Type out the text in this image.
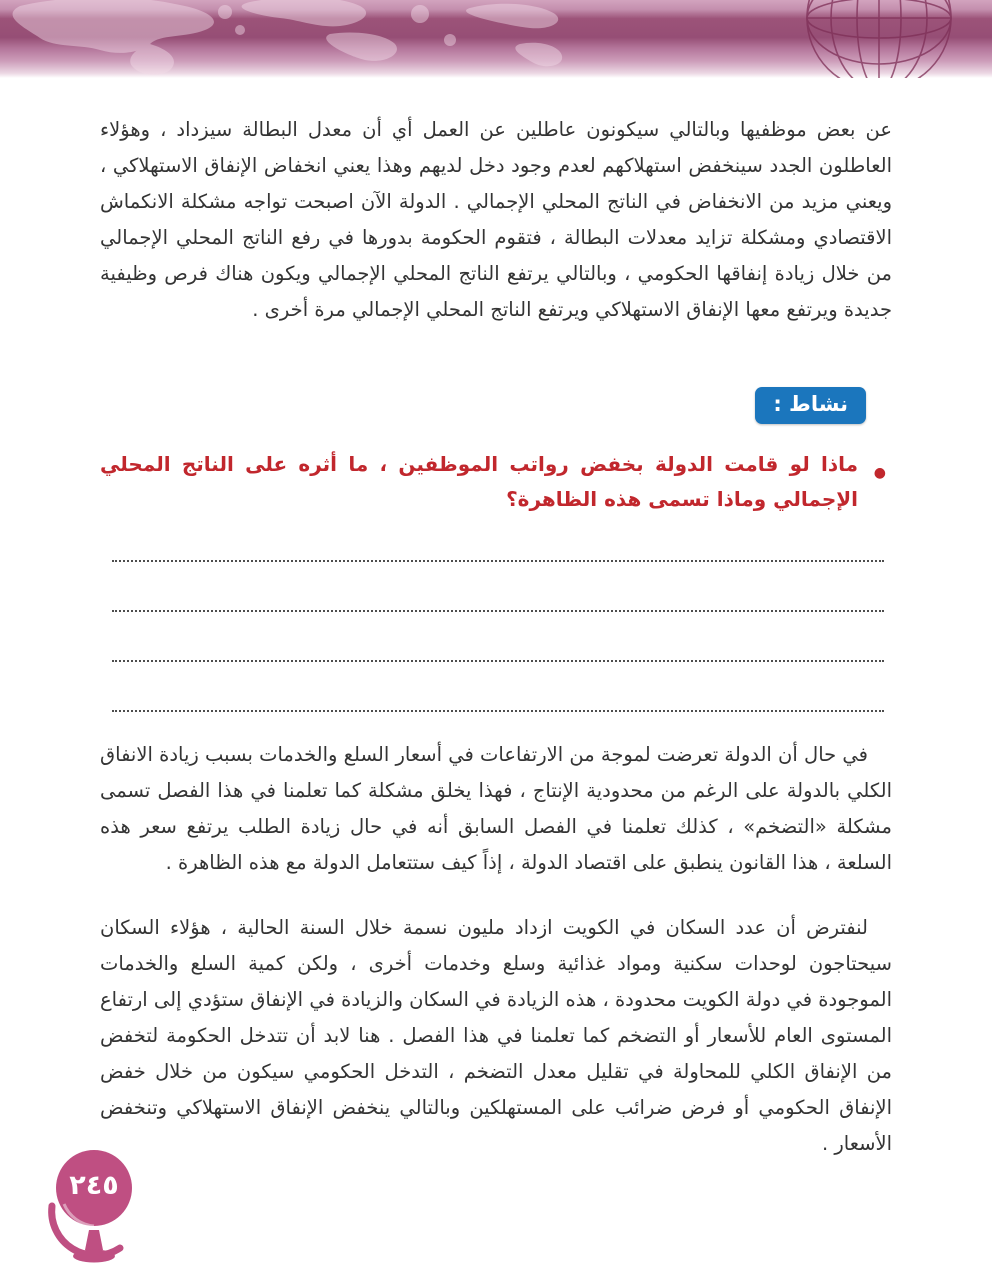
عن بعض موظفيها وبالتالي سيكونون عاطلين عن العمل أي أن معدل البطالة سيزداد ، وهؤلاء العاطلون الجدد سينخفض استهلاكهم لعدم وجود دخل لديهم وهذا يعني انخفاض الإنفاق الاستهلاكي ، ويعني مزيد من الانخفاض في الناتج المحلي الإجمالي . الدولة الآن اصبحت تواجه مشكلة الانكماش الاقتصادي ومشكلة تزايد معدلات البطالة ، فتقوم الحكومة بدورها في رفع الناتج المحلي الإجمالي من خلال زيادة إنفاقها الحكومي ، وبالتالي يرتفع الناتج المحلي الإجمالي ويكون هناك فرص وظيفية جديدة ويرتفع معها الإنفاق الاستهلاكي ويرتفع الناتج المحلي الإجمالي مرة أخرى .
نشاط :
●
ماذا لو قامت الدولة بخفض رواتب الموظفين ، ما أثره على الناتج المحلي الإجمالي وماذا تسمى هذه الظاهرة؟
في حال أن الدولة تعرضت لموجة من الارتفاعات في أسعار السلع والخدمات بسبب زيادة الانفاق الكلي بالدولة على الرغم من محدودية الإنتاج ، فهذا يخلق مشكلة كما تعلمنا في هذا الفصل تسمى مشكلة «التضخم» ، كذلك تعلمنا في الفصل السابق أنه في حال زيادة الطلب يرتفع سعر هذه السلعة ، هذا القانون ينطبق على اقتصاد الدولة ، إذاً كيف ستتعامل الدولة مع هذه الظاهرة .
لنفترض أن عدد السكان في الكويت ازداد مليون نسمة خلال السنة الحالية ، هؤلاء السكان سيحتاجون لوحدات سكنية ومواد غذائية وسلع وخدمات أخرى ، ولكن كمية السلع والخدمات الموجودة في دولة الكويت محدودة ، هذه الزيادة في السكان والزيادة في الإنفاق ستؤدي إلى ارتفاع المستوى العام للأسعار أو التضخم كما تعلمنا في هذا الفصل . هنا لابد أن تتدخل الحكومة لتخفض من الإنفاق الكلي للمحاولة في تقليل معدل التضخم ، التدخل الحكومي سيكون من خلال خفض الإنفاق الحكومي أو فرض ضرائب على المستهلكين وبالتالي ينخفض الإنفاق الاستهلاكي وتنخفض الأسعار .
٢٤٥
